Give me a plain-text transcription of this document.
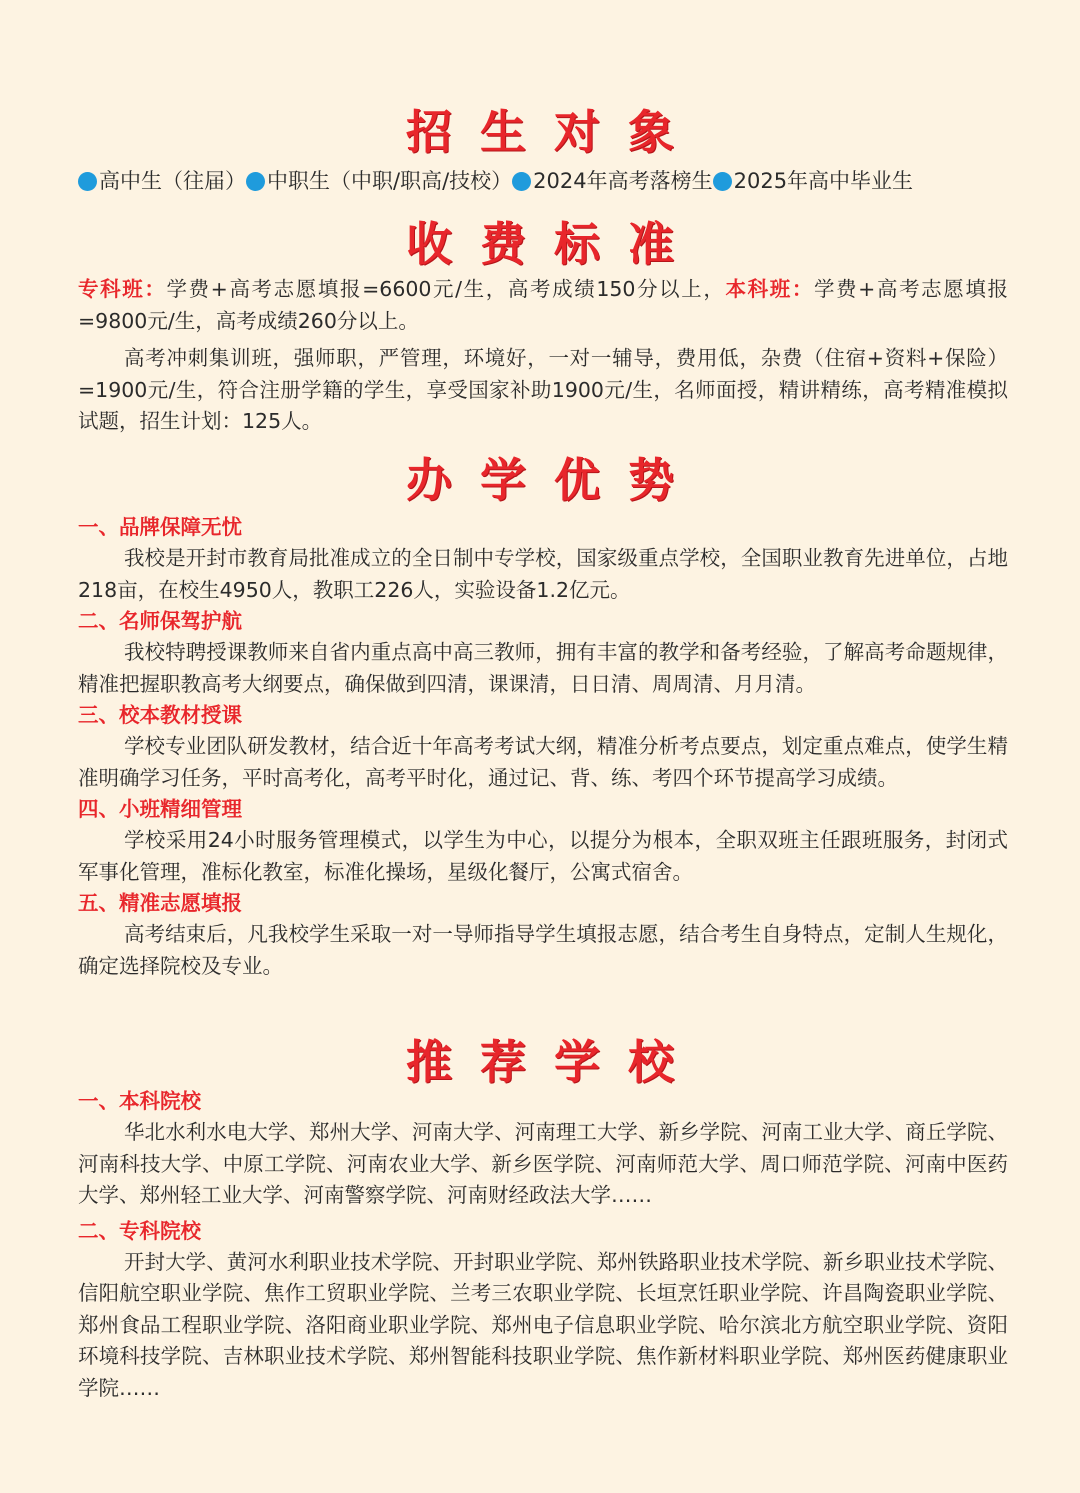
招生对象
高中生（往届） 中职生（中职/职高/技校） 2024年高考落榜生 2025年高中毕业生
收费标准

专科班：学费+高考志愿填报=6600元/生，高考成绩150分以上，本科班：学费+高考志愿填报=9800元/生，高考成绩260分以上。

高考冲刺集训班，强师职，严管理，环境好，一对一辅导，费用低，杂费（住宿+资料+保险）=1900元/生，符合注册学籍的学生，享受国家补助1900元/生，名师面授，精讲精练，高考精准模拟试题，招生计划：125人。

办学优势

一、品牌保障无忧

我校是开封市教育局批准成立的全日制中专学校，国家级重点学校，全国职业教育先进单位，占地218亩，在校生4950人，教职工226人，实验设备1.2亿元。

二、名师保驾护航

我校特聘授课教师来自省内重点高中高三教师，拥有丰富的教学和备考经验，了解高考命题规律，精准把握职教高考大纲要点，确保做到四清，课课清，日日清、周周清、月月清。

三、校本教材授课

学校专业团队研发教材，结合近十年高考考试大纲，精准分析考点要点，划定重点难点，使学生精准明确学习任务，平时高考化，高考平时化，通过记、背、练、考四个环节提高学习成绩。

四、小班精细管理

学校采用24小时服务管理模式，以学生为中心，以提分为根本，全职双班主任跟班服务，封闭式军事化管理，准标化教室，标准化操场，星级化餐厅，公寓式宿舍。

五、精准志愿填报

高考结束后，凡我校学生采取一对一导师指导学生填报志愿，结合考生自身特点，定制人生规化，确定选择院校及专业。

推荐学校

一、本科院校

华北水利水电大学、郑州大学、河南大学、河南理工大学、新乡学院、河南工业大学、商丘学院、河南科技大学、中原工学院、河南农业大学、新乡医学院、河南师范大学、周口师范学院、河南中医药大学、郑州轻工业大学、河南警察学院、河南财经政法大学……

二、专科院校

开封大学、黄河水利职业技术学院、开封职业学院、郑州铁路职业技术学院、新乡职业技术学院、信阳航空职业学院、焦作工贸职业学院、兰考三农职业学院、长垣烹饪职业学院、许昌陶瓷职业学院、郑州食品工程职业学院、洛阳商业职业学院、郑州电子信息职业学院、哈尔滨北方航空职业学院、资阳环境科技学院、吉林职业技术学院、郑州智能科技职业学院、焦作新材料职业学院、郑州医药健康职业学院……
